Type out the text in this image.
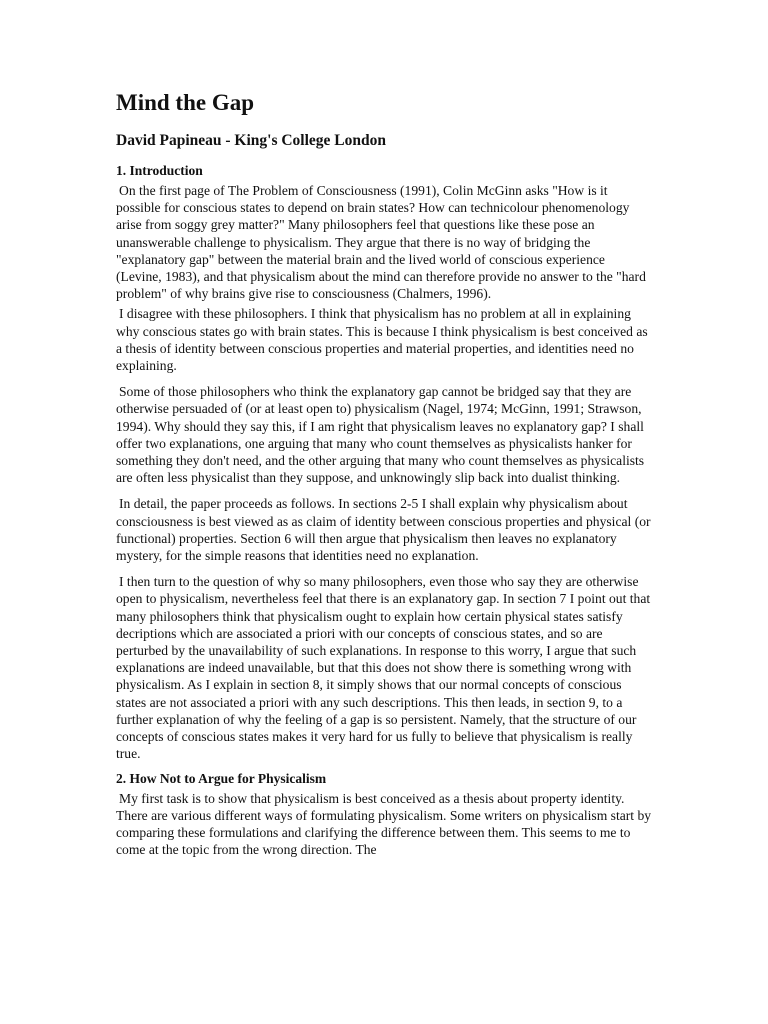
Mind the Gap
David Papineau - King's College London
1. Introduction

On the first page of The Problem of Consciousness (1991), Colin McGinn asks "How is it possible for conscious states to depend on brain states? How can technicolour phenomenology arise from soggy grey matter?" Many philosophers feel that questions like these pose an unanswerable challenge to physicalism. They argue that there is no way of bridging the "explanatory gap" between the material brain and the lived world of conscious experience (Levine, 1983), and that physicalism about the mind can therefore provide no answer to the "hard problem" of why brains give rise to consciousness (Chalmers, 1996).

I disagree with these philosophers. I think that physicalism has no problem at all in explaining why conscious states go with brain states. This is because I think physicalism is best conceived as a thesis of identity between conscious properties and material properties, and identities need no explaining.

Some of those philosophers who think the explanatory gap cannot be bridged say that they are otherwise persuaded of (or at least open to) physicalism (Nagel, 1974; McGinn, 1991; Strawson, 1994). Why should they say this, if I am right that physicalism leaves no explanatory gap? I shall offer two explanations, one arguing that many who count themselves as physicalists hanker for something they don't need, and the other arguing that many who count themselves as physicalists are often less physicalist than they suppose, and unknowingly slip back into dualist thinking.

In detail, the paper proceeds as follows. In sections 2-5 I shall explain why physicalism about consciousness is best viewed as as claim of identity between conscious properties and physical (or functional) properties. Section 6 will then argue that physicalism then leaves no explanatory mystery, for the simple reasons that identities need no explanation.

I then turn to the question of why so many philosophers, even those who say they are otherwise open to physicalism, nevertheless feel that there is an explanatory gap. In section 7 I point out that many philosophers think that physicalism ought to explain how certain physical states satisfy decriptions which are associated a priori with our concepts of conscious states, and so are perturbed by the unavailability of such explanations. In response to this worry, I argue that such explanations are indeed unavailable, but that this does not show there is something wrong with physicalism. As I explain in section 8, it simply shows that our normal concepts of conscious states are not associated a priori with any such descriptions. This then leads, in section 9, to a further explanation of why the feeling of a gap is so persistent. Namely, that the structure of our concepts of conscious states makes it very hard for us fully to believe that physicalism is really true.

2. How Not to Argue for Physicalism

My first task is to show that physicalism is best conceived as a thesis about property identity. There are various different ways of formulating physicalism. Some writers on physicalism start by comparing these formulations and clarifying the difference between them. This seems to me to come at the topic from the wrong direction. The
